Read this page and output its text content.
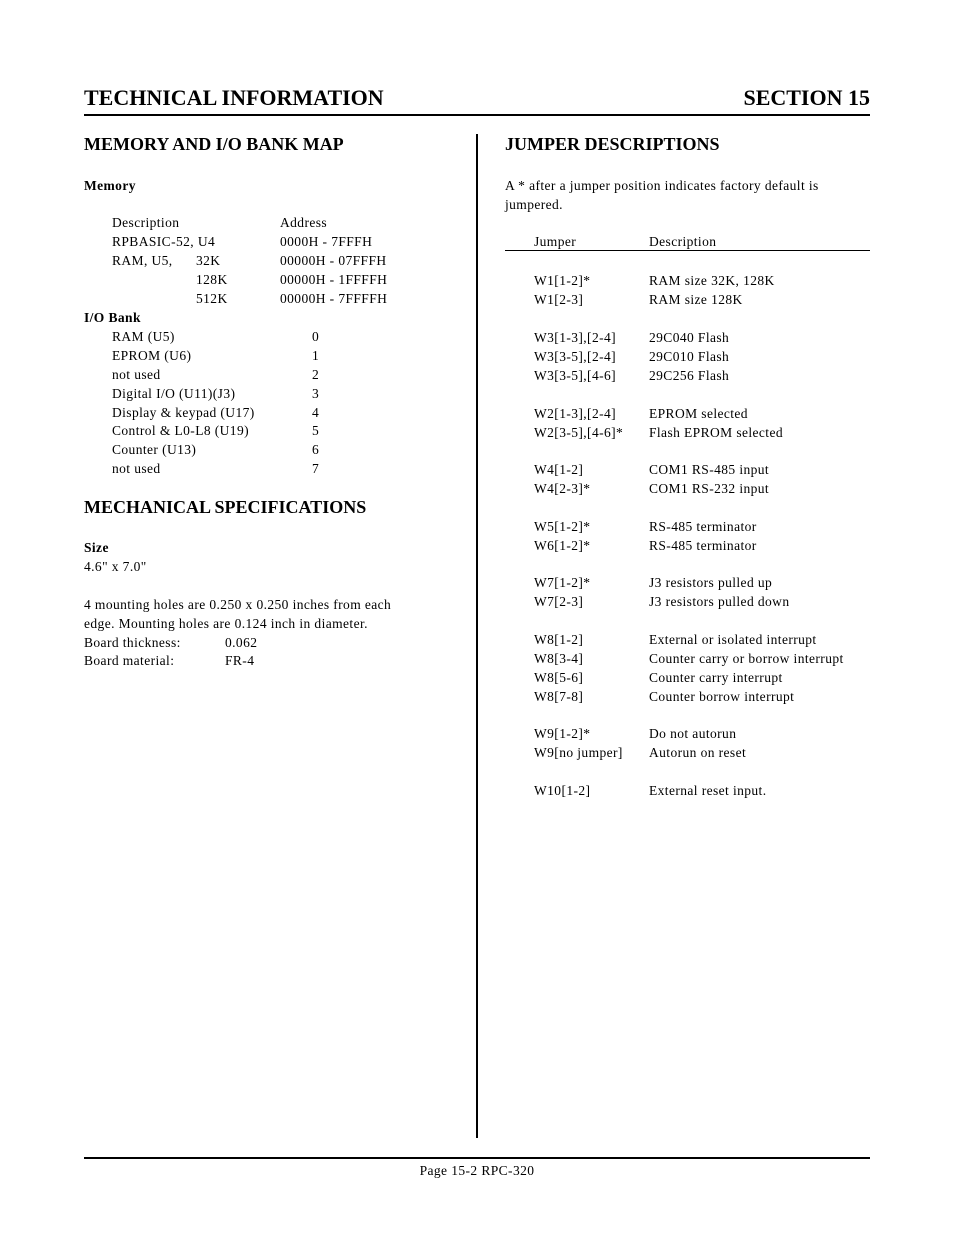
TECHNICAL INFORMATION	SECTION 15
MEMORY AND I/O BANK MAP
Memory
Description	Address
RPBASIC-52, U4	0000H - 7FFFH
RAM, U5, 32K	00000H - 07FFFH
128K	00000H - 1FFFFH
512K	00000H - 7FFFFH
I/O Bank
RAM (U5)	0
EPROM (U6)	1
not used	2
Digital I/O (U11)(J3)	3
Display & keypad (U17)	4
Control & L0-L8 (U19)	5
Counter (U13)	6
not used	7
MECHANICAL SPECIFICATIONS
Size
4.6" x 7.0"
4 mounting holes are 0.250 x 0.250 inches from each
edge. Mounting holes are 0.124 inch in diameter.
Board thickness:	0.062
Board material:	FR-4
JUMPER DESCRIPTIONS
A * after a jumper position indicates factory default is
jumpered.
Jumper	Description
W1[1-2]*	RAM size 32K, 128K
W1[2-3]	RAM size 128K
W3[1-3],[2-4] 29C040 Flash
W3[3-5],[2-4] 29C010 Flash
W3[3-5],[4-6] 29C256 Flash
W2[1-3],[2-4] EPROM selected
W2[3-5],[4-6]* Flash EPROM selected
W4[1-2]	COM1 RS-485 input
W4[2-3]*	COM1 RS-232 input
W5[1-2]*	RS-485 terminator
W6[1-2]*	RS-485 terminator
W7[1-2]*	J3 resistors pulled up
W7[2-3]	J3 resistors pulled down
W8[1-2]	External or isolated interrupt
W8[3-4]	Counter carry or borrow interrupt
W8[5-6]	Counter carry interrupt
W8[7-8]	Counter borrow interrupt
W9[1-2]*	Do not autorun
W9[no jumper] Autorun on reset
W10[1-2]	External reset input.
Page 15-2 RPC-320
